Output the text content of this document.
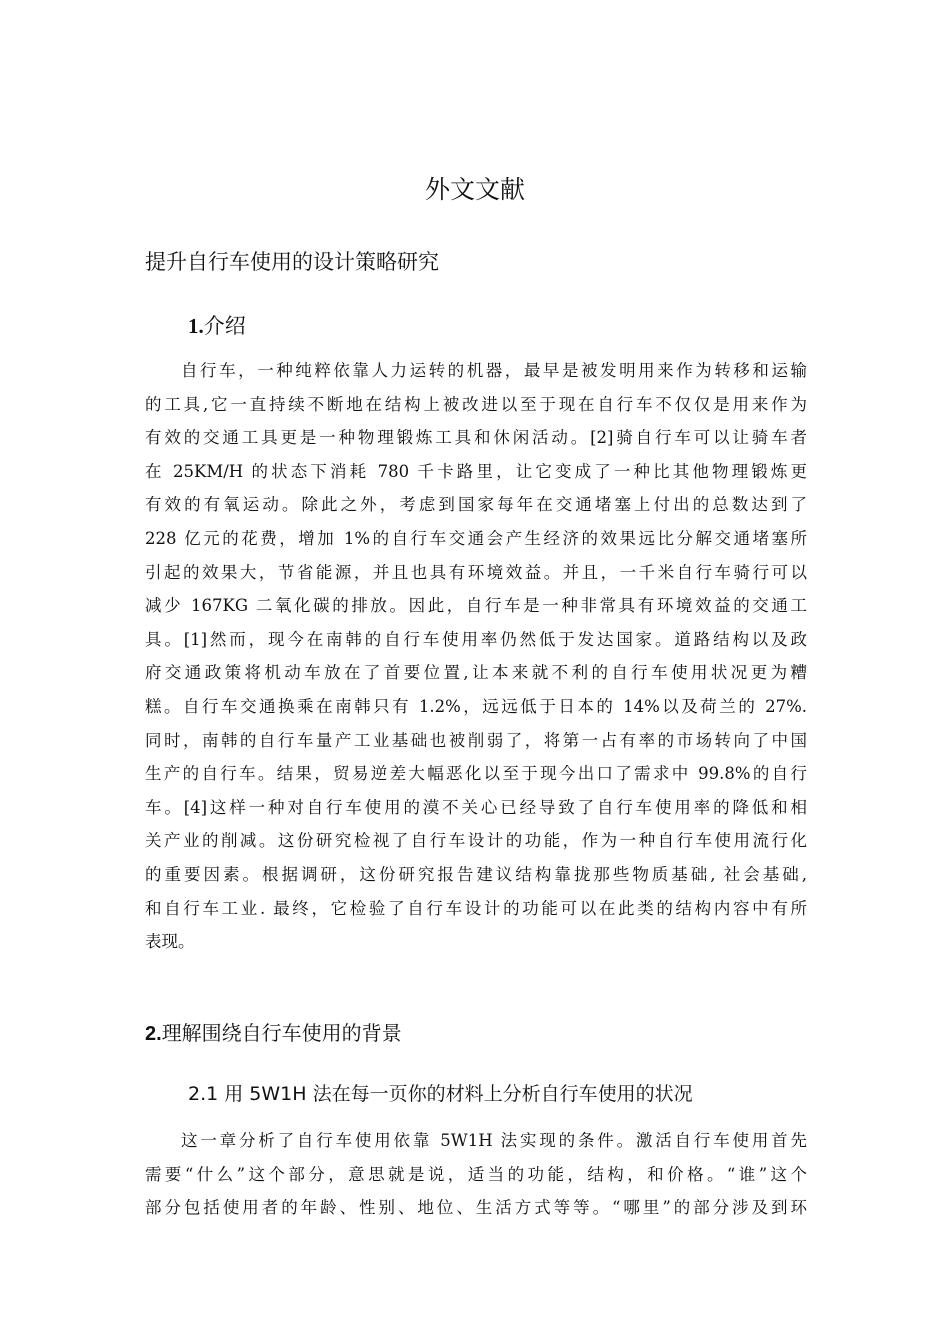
外文文献
提升自行车使用的设计策略研究
1.介绍
自行车，一种纯粹依靠人力运转的机器，最早是被发明用来作为转移和运输
的工具,它一直持续不断地在结构上被改进以至于现在自行车不仅仅是用来作为
有效的交通工具更是一种物理锻炼工具和休闲活动。[2]骑自行车可以让骑车者
在 25KM/H 的状态下消耗 780 千卡路里，让它变成了一种比其他物理锻炼更
有效的有氧运动。除此之外，考虑到国家每年在交通堵塞上付出的总数达到了
228 亿元的花费，增加 1%的自行车交通会产生经济的效果远比分解交通堵塞所
引起的效果大，节省能源，并且也具有环境效益。并且，一千米自行车骑行可以
减少 167KG 二氧化碳的排放。因此，自行车是一种非常具有环境效益的交通工
具。[1]然而，现今在南韩的自行车使用率仍然低于发达国家。道路结构以及政
府交通政策将机动车放在了首要位置,让本来就不利的自行车使用状况更为糟
糕。自行车交通换乘在南韩只有 1.2%，远远低于日本的 14%以及荷兰的 27%.
同时，南韩的自行车量产工业基础也被削弱了，将第一占有率的市场转向了中国
生产的自行车。结果，贸易逆差大幅恶化以至于现今出口了需求中 99.8%的自行
车。[4]这样一种对自行车使用的漠不关心已经导致了自行车使用率的降低和相
关产业的削减。这份研究检视了自行车设计的功能，作为一种自行车使用流行化
的重要因素。根据调研，这份研究报告建议结构靠拢那些物质基础, 社会基础,
和自行车工业. 最终，它检验了自行车设计的功能可以在此类的结构内容中有所
表现。
2.理解围绕自行车使用的背景
2.1 用 5W1H 法在每一页你的材料上分析自行车使用的状况
这一章分析了自行车使用依靠 5W1H 法实现的条件。激活自行车使用首先
需要“什么”这个部分，意思就是说，适当的功能，结构，和价格。“谁”这个
部分包括使用者的年龄、性别、地位、生活方式等等。“哪里”的部分涉及到环
